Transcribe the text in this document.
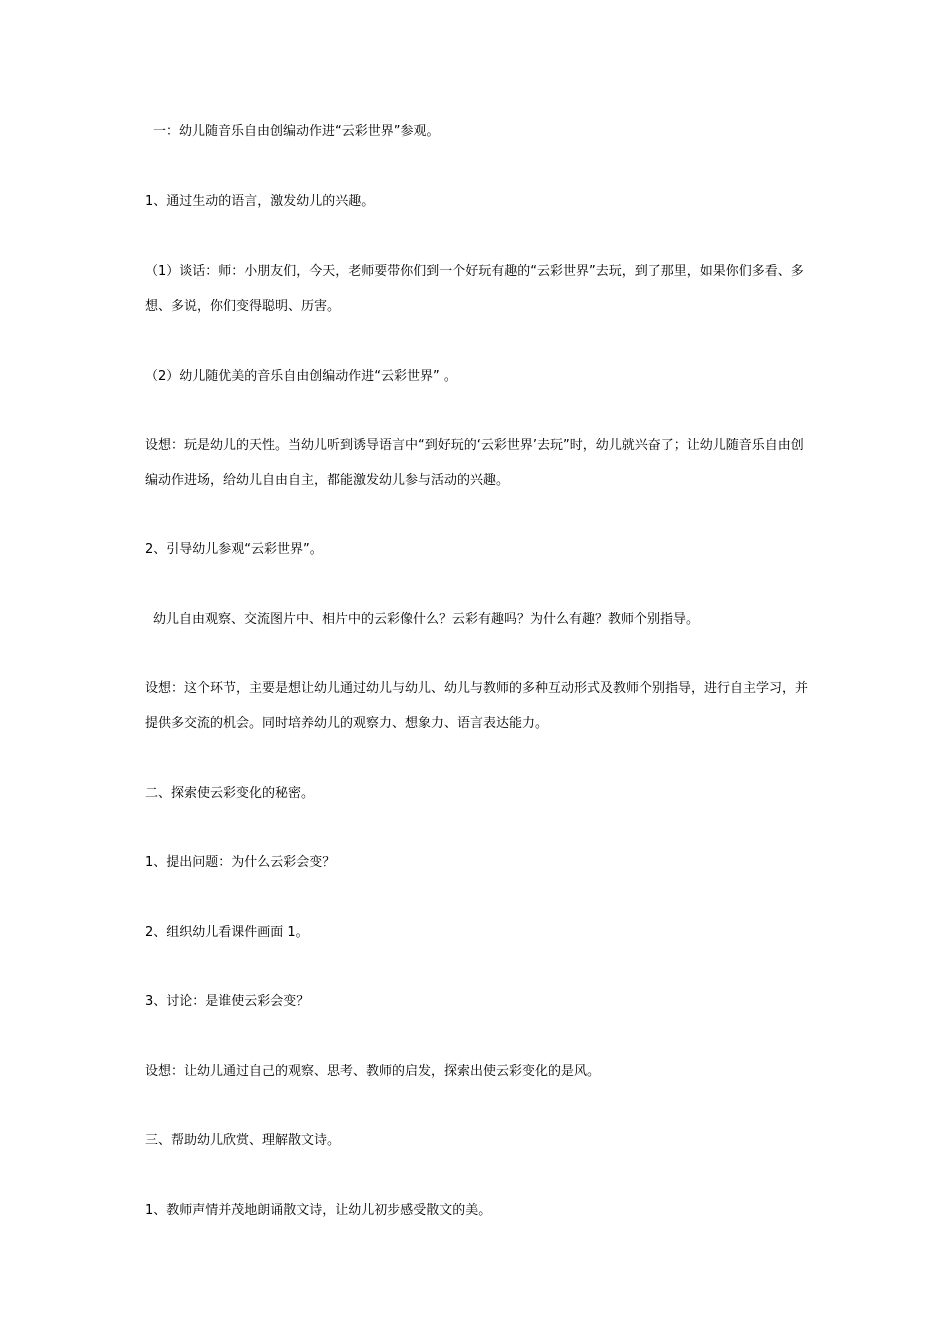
一：幼儿随音乐自由创编动作进“云彩世界”参观。

1、通过生动的语言，激发幼儿的兴趣。

（1）谈话：师：小朋友们，今天，老师要带你们到一个好玩有趣的“云彩世界”去玩，到了那里，如果你们多看、多想、多说，你们变得聪明、历害。

（2）幼儿随优美的音乐自由创编动作进“云彩世界” 。

设想：玩是幼儿的天性。当幼儿听到诱导语言中“到好玩的‘云彩世界’去玩”时，幼儿就兴奋了；让幼儿随音乐自由创编动作进场，给幼儿自由自主，都能激发幼儿参与活动的兴趣。

2、引导幼儿参观“云彩世界”。

幼儿自由观察、交流图片中、相片中的云彩像什么？云彩有趣吗？为什么有趣？教师个别指导。

设想：这个环节，主要是想让幼儿通过幼儿与幼儿、幼儿与教师的多种互动形式及教师个别指导，进行自主学习，并提供多交流的机会。同时培养幼儿的观察力、想象力、语言表达能力。

二、探索使云彩变化的秘密。

1、提出问题：为什么云彩会变？

2、组织幼儿看课件画面 1。

3、讨论：是谁使云彩会变？

设想：让幼儿通过自己的观察、思考、教师的启发，探索出使云彩变化的是风。

三、帮助幼儿欣赏、理解散文诗。

1、教师声情并茂地朗诵散文诗，让幼儿初步感受散文的美。
